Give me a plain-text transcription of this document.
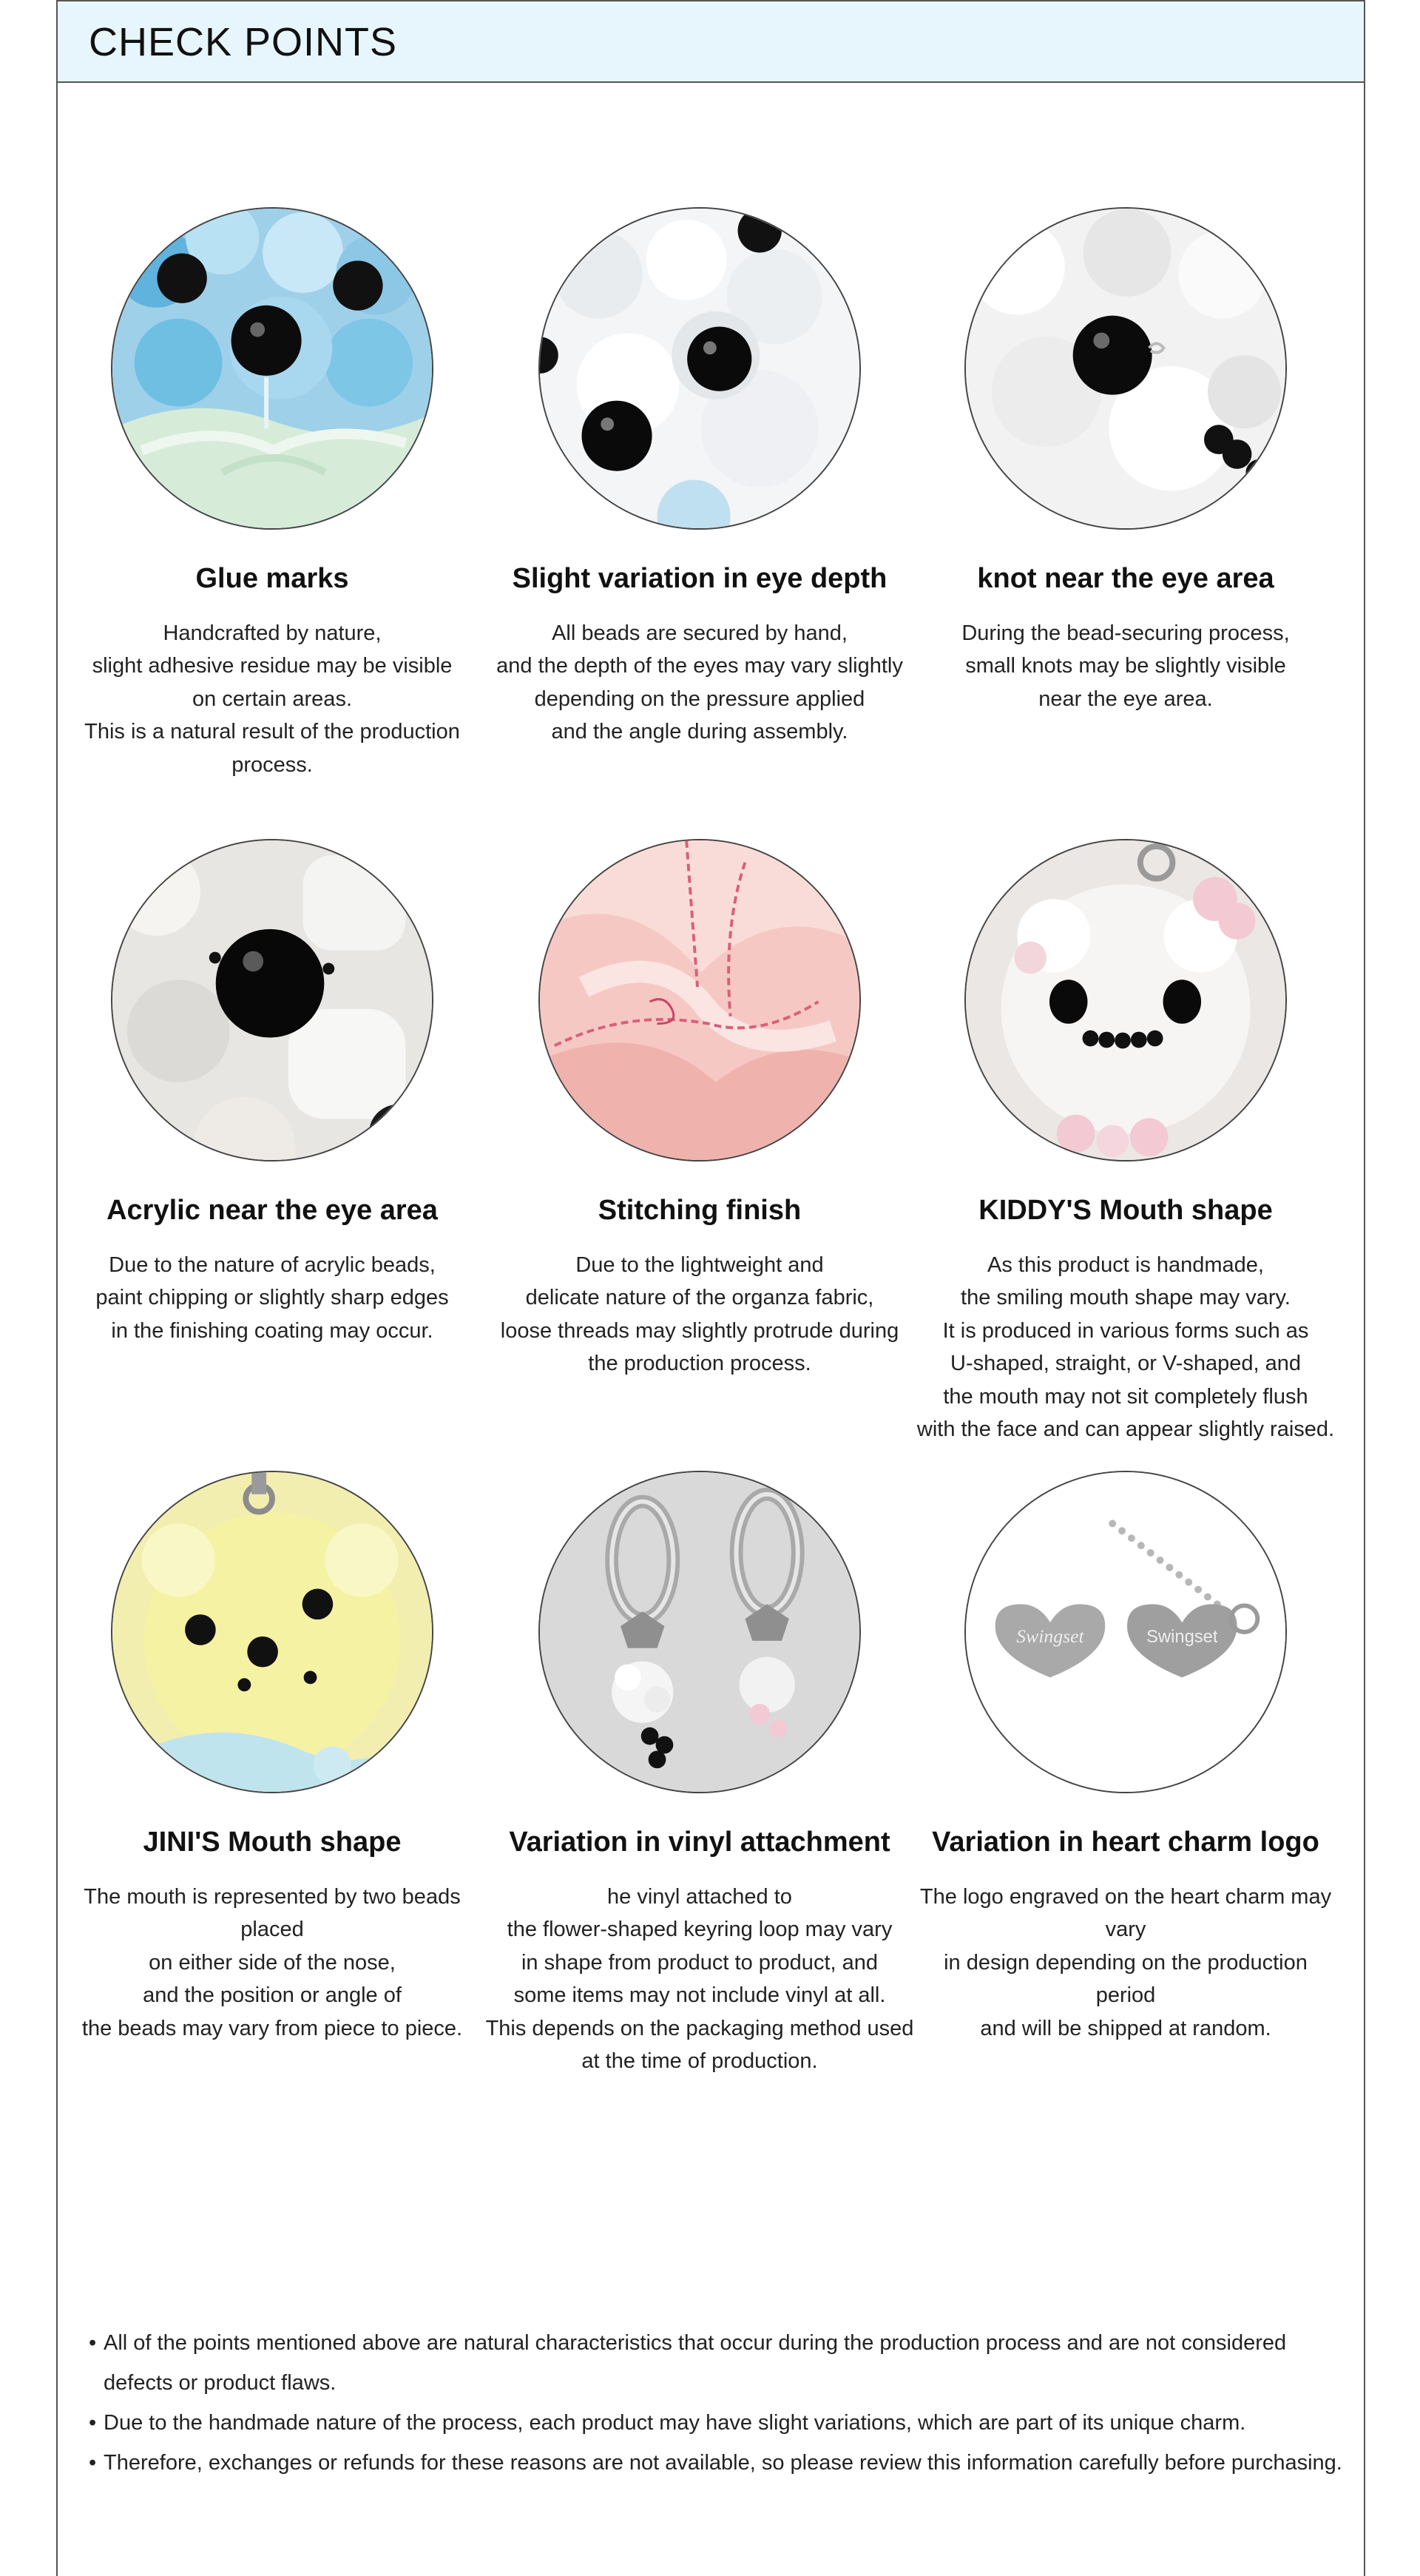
CHECK POINTS
Glue marks
Handcrafted by nature,
slight adhesive residue may be visible
on certain areas.
This is a natural result of the production process.
Slight variation in eye depth
All beads are secured by hand,
and the depth of the eyes may vary slightly
depending on the pressure applied
and the angle during assembly.
knot near the eye area
During the bead-securing process,
small knots may be slightly visible
near the eye area.
Acrylic near the eye area
Due to the nature of acrylic beads,
paint chipping or slightly sharp edges
in the finishing coating may occur.
Stitching finish
Due to the lightweight and
delicate nature of the organza fabric,
loose threads may slightly protrude during
the production process.
KIDDY'S Mouth shape
As this product is handmade,
the smiling mouth shape may vary.
It is produced in various forms such as
U-shaped, straight, or V-shaped, and
the mouth may not sit completely flush
with the face and can appear slightly raised.
JINI'S Mouth shape
The mouth is represented by two beads placed
on either side of the nose,
and the position or angle of
the beads may vary from piece to piece.
Variation in vinyl attachment
he vinyl attached to
the flower-shaped keyring loop may vary
in shape from product to product, and
some items may not include vinyl at all.
This depends on the packaging method used
at the time of production.
Swingset	Swingset
Variation in heart charm logo
The logo engraved on the heart charm may vary
in design depending on the production period
and will be shipped at random.
• All of the points mentioned above are natural characteristics that occur during the production process and are not considered defects or product flaws.
• Due to the handmade nature of the process, each product may have slight variations, which are part of its unique charm.
• Therefore, exchanges or refunds for these reasons are not available, so please review this information carefully before purchasing.
